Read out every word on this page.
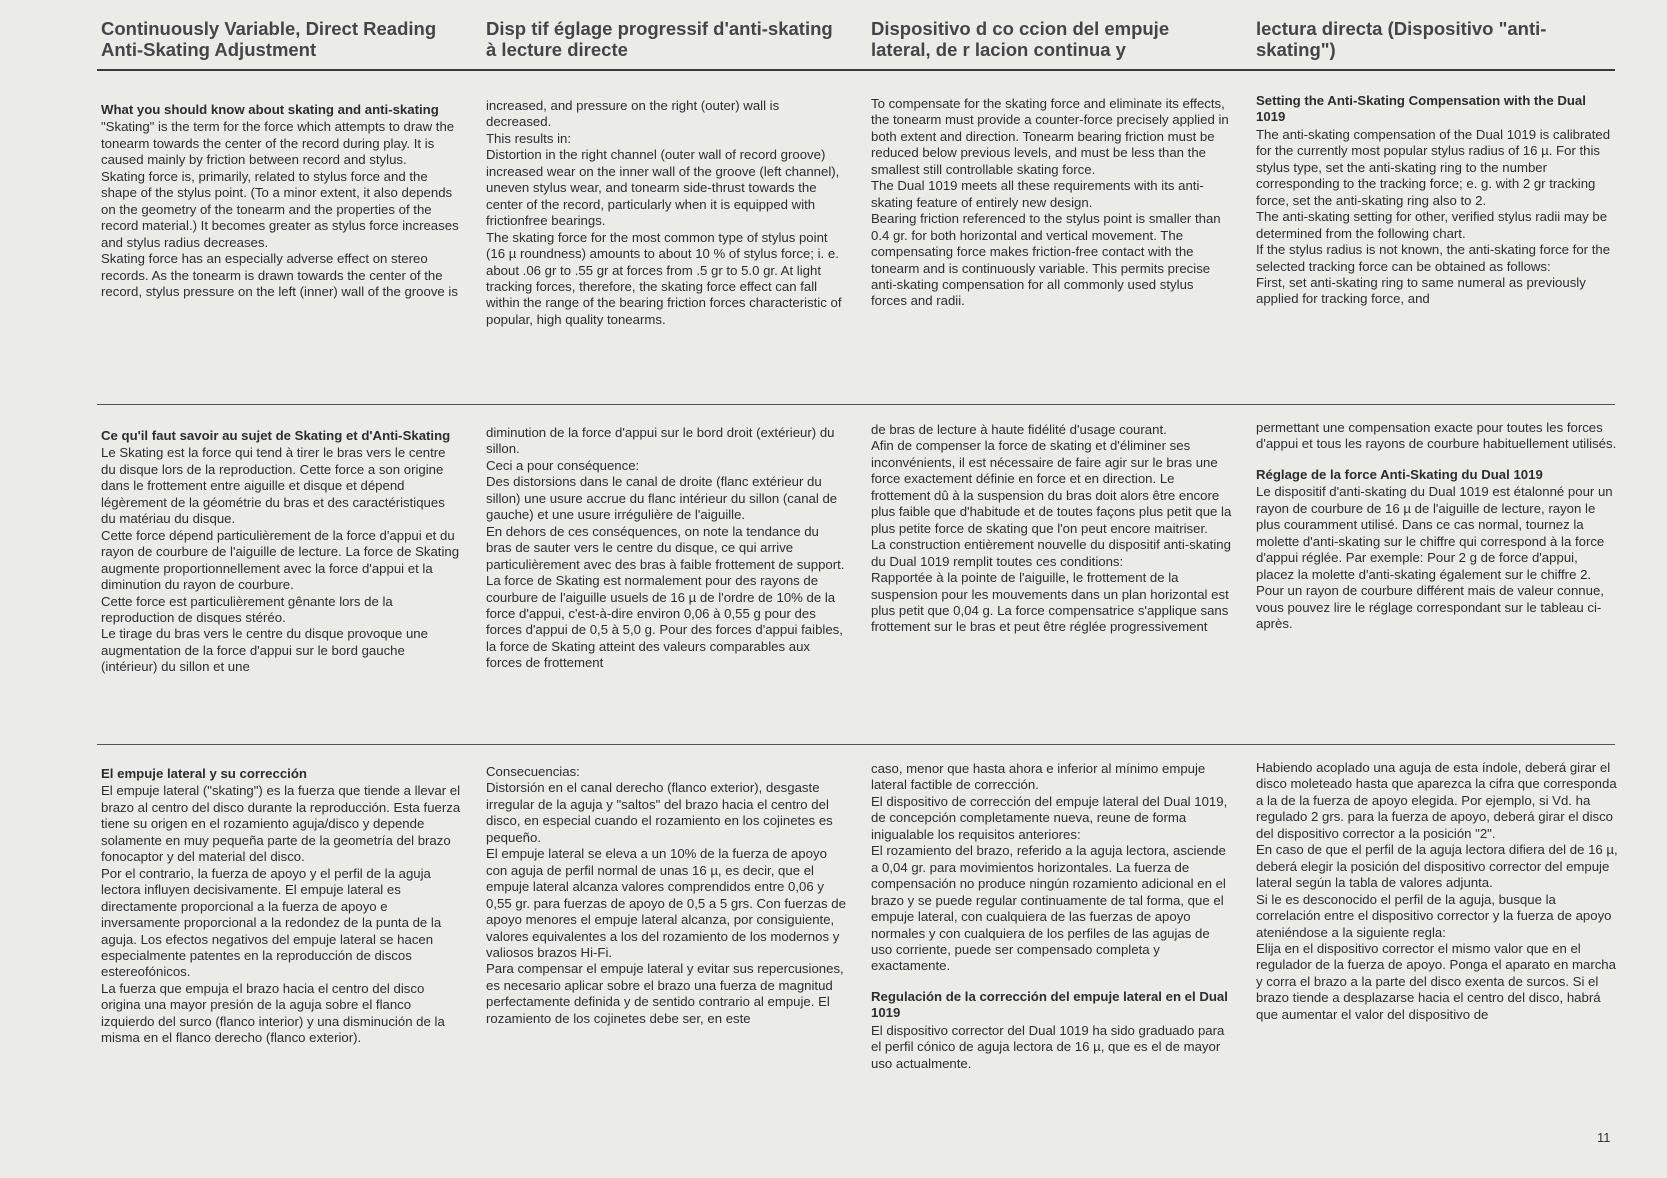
Continuously Variable, Direct Reading Anti-Skating Adjustment
Disp tif églage progressif d'anti-skating à lecture directe
Dispositivo d co ccion del empuje lateral, de r lacion continua y
lectura directa (Dispositivo "anti-skating")

What you should know about skating and anti-skating

"Skating" is the term for the force which attempts to draw the tonearm towards the center of the record during play. It is caused mainly by friction between record and stylus.

Skating force is, primarily, related to stylus force and the shape of the stylus point. (To a minor extent, it also depends on the geometry of the tonearm and the properties of the record material.) It becomes greater as stylus force increases and stylus radius decreases.

Skating force has an especially adverse effect on stereo records. As the tonearm is drawn towards the center of the record, stylus pressure on the left (inner) wall of the groove is

increased, and pressure on the right (outer) wall is decreased.

This results in:

Distortion in the right channel (outer wall of record groove) increased wear on the inner wall of the groove (left channel), uneven stylus wear, and tonearm side-thrust towards the center of the record, particularly when it is equipped with frictionfree bearings.

The skating force for the most common type of stylus point (16 µ roundness) amounts to about 10 % of stylus force; i. e. about .06 gr to .55 gr at forces from .5 gr to 5.0 gr. At light tracking forces, therefore, the skating force effect can fall within the range of the bearing friction forces characteristic of popular, high quality tonearms.

To compensate for the skating force and eliminate its effects, the tonearm must provide a counter-force precisely applied in both extent and direction. Tonearm bearing friction must be reduced below previous levels, and must be less than the smallest still controllable skating force.

The Dual 1019 meets all these requirements with its anti-skating feature of entirely new design.

Bearing friction referenced to the stylus point is smaller than 0.4 gr. for both horizontal and vertical movement. The compensating force makes friction-free contact with the tonearm and is continuously variable. This permits precise anti-skating compensation for all commonly used stylus forces and radii.

Setting the Anti-Skating Compensation with the Dual 1019

The anti-skating compensation of the Dual 1019 is calibrated for the currently most popular stylus radius of 16 µ. For this stylus type, set the anti-skating ring to the number corresponding to the tracking force; e. g. with 2 gr tracking force, set the anti-skating ring also to 2.

The anti-skating setting for other, verified stylus radii may be determined from the following chart.

If the stylus radius is not known, the anti-skating force for the selected tracking force can be obtained as follows:

First, set anti-skating ring to same numeral as previously applied for tracking force, and

Ce qu'il faut savoir au sujet de Skating et d'Anti-Skating

Le Skating est la force qui tend à tirer le bras vers le centre du disque lors de la reproduction. Cette force a son origine dans le frottement entre aiguille et disque et dépend légèrement de la géométrie du bras et des caractéristiques du matériau du disque.

Cette force dépend particulièrement de la force d'appui et du rayon de courbure de l'aiguille de lecture. La force de Skating augmente proportionnellement avec la force d'appui et la diminution du rayon de courbure.

Cette force est particulièrement gênante lors de la reproduction de disques stéréo.

Le tirage du bras vers le centre du disque provoque une augmentation de la force d'appui sur le bord gauche (intérieur) du sillon et une

diminution de la force d'appui sur le bord droit (extérieur) du sillon.

Ceci a pour conséquence:

Des distorsions dans le canal de droite (flanc extérieur du sillon) une usure accrue du flanc intérieur du sillon (canal de gauche) et une usure irrégulière de l'aiguille.

En dehors de ces conséquences, on note la tendance du bras de sauter vers le centre du disque, ce qui arrive particulièrement avec des bras à faible frottement de support.

La force de Skating est normalement pour des rayons de courbure de l'aiguille usuels de 16 µ de l'ordre de 10% de la force d'appui, c'est-à-dire environ 0,06 à 0,55 g pour des forces d'appui de 0,5 à 5,0 g. Pour des forces d'appui faibles, la force de Skating atteint des valeurs comparables aux forces de frottement

de bras de lecture à haute fidélité d'usage courant.

Afin de compenser la force de skating et d'éliminer ses inconvénients, il est nécessaire de faire agir sur le bras une force exactement définie en force et en direction. Le frottement dû à la suspension du bras doit alors être encore plus faible que d'habitude et de toutes façons plus petit que la plus petite force de skating que l'on peut encore maitriser.

La construction entièrement nouvelle du dispositif anti-skating du Dual 1019 remplit toutes ces conditions:

Rapportée à la pointe de l'aiguille, le frottement de la suspension pour les mouvements dans un plan horizontal est plus petit que 0,04 g. La force compensatrice s'applique sans frottement sur le bras et peut être réglée progressivement

permettant une compensation exacte pour toutes les forces d'appui et tous les rayons de courbure habituellement utilisés.

Réglage de la force Anti-Skating du Dual 1019

Le dispositif d'anti-skating du Dual 1019 est étalonné pour un rayon de courbure de 16 µ de l'aiguille de lecture, rayon le plus couramment utilisé. Dans ce cas normal, tournez la molette d'anti-skating sur le chiffre qui correspond à la force d'appui réglée. Par exemple: Pour 2 g de force d'appui, placez la molette d'anti-skating également sur le chiffre 2.

Pour un rayon de courbure différent mais de valeur connue, vous pouvez lire le réglage correspondant sur le tableau ci-après.

El empuje lateral y su corrección

El empuje lateral ("skating") es la fuerza que tiende a llevar el brazo al centro del disco durante la reproducción. Esta fuerza tiene su origen en el rozamiento aguja/disco y depende solamente en muy pequeña parte de la geometría del brazo fonocaptor y del material del disco.

Por el contrario, la fuerza de apoyo y el perfil de la aguja lectora influyen decisivamente. El empuje lateral es directamente proporcional a la fuerza de apoyo e inversamente proporcional a la redondez de la punta de la aguja. Los efectos negativos del empuje lateral se hacen especialmente patentes en la reproducción de discos estereofónicos.

La fuerza que empuja el brazo hacia el centro del disco origina una mayor presión de la aguja sobre el flanco izquierdo del surco (flanco interior) y una disminución de la misma en el flanco derecho (flanco exterior).

Consecuencias:

Distorsión en el canal derecho (flanco exterior), desgaste irregular de la aguja y "saltos" del brazo hacia el centro del disco, en especial cuando el rozamiento en los cojinetes es pequeño.

El empuje lateral se eleva a un 10% de la fuerza de apoyo con aguja de perfil normal de unas 16 µ, es decir, que el empuje lateral alcanza valores comprendidos entre 0,06 y 0,55 gr. para fuerzas de apoyo de 0,5 a 5 grs. Con fuerzas de apoyo menores el empuje lateral alcanza, por consiguiente, valores equivalentes a los del rozamiento de los modernos y valiosos brazos Hi-Fi.

Para compensar el empuje lateral y evitar sus repercusiones, es necesario aplicar sobre el brazo una fuerza de magnitud perfectamente definida y de sentido contrario al empuje. El rozamiento de los cojinetes debe ser, en este

caso, menor que hasta ahora e inferior al mínimo empuje lateral factible de corrección.

El dispositivo de corrección del empuje lateral del Dual 1019, de concepción completamente nueva, reune de forma inigualable los requisitos anteriores:

El rozamiento del brazo, referido a la aguja lectora, asciende a 0,04 gr. para movimientos horizontales. La fuerza de compensación no produce ningún rozamiento adicional en el brazo y se puede regular continuamente de tal forma, que el empuje lateral, con cualquiera de las fuerzas de apoyo normales y con cualquiera de los perfiles de las agujas de uso corriente, puede ser compensado completa y exactamente.

Regulación de la corrección del empuje lateral en el Dual 1019

El dispositivo corrector del Dual 1019 ha sido graduado para el perfil cónico de aguja lectora de 16 µ, que es el de mayor uso actualmente.

Habiendo acoplado una aguja de esta índole, deberá girar el disco moleteado hasta que aparezca la cifra que corresponda a la de la fuerza de apoyo elegida. Por ejemplo, si Vd. ha regulado 2 grs. para la fuerza de apoyo, deberá girar el disco del dispositivo corrector a la posición "2".

En caso de que el perfil de la aguja lectora difiera del de 16 µ, deberá elegir la posición del dispositivo corrector del empuje lateral según la tabla de valores adjunta.

Si le es desconocido el perfil de la aguja, busque la correlación entre el dispositivo corrector y la fuerza de apoyo ateniéndose a la siguiente regla:

Elija en el dispositivo corrector el mismo valor que en el regulador de la fuerza de apoyo. Ponga el aparato en marcha y corra el brazo a la parte del disco exenta de surcos. Si el brazo tiende a desplazarse hacia el centro del disco, habrá que aumentar el valor del dispositivo de

11
